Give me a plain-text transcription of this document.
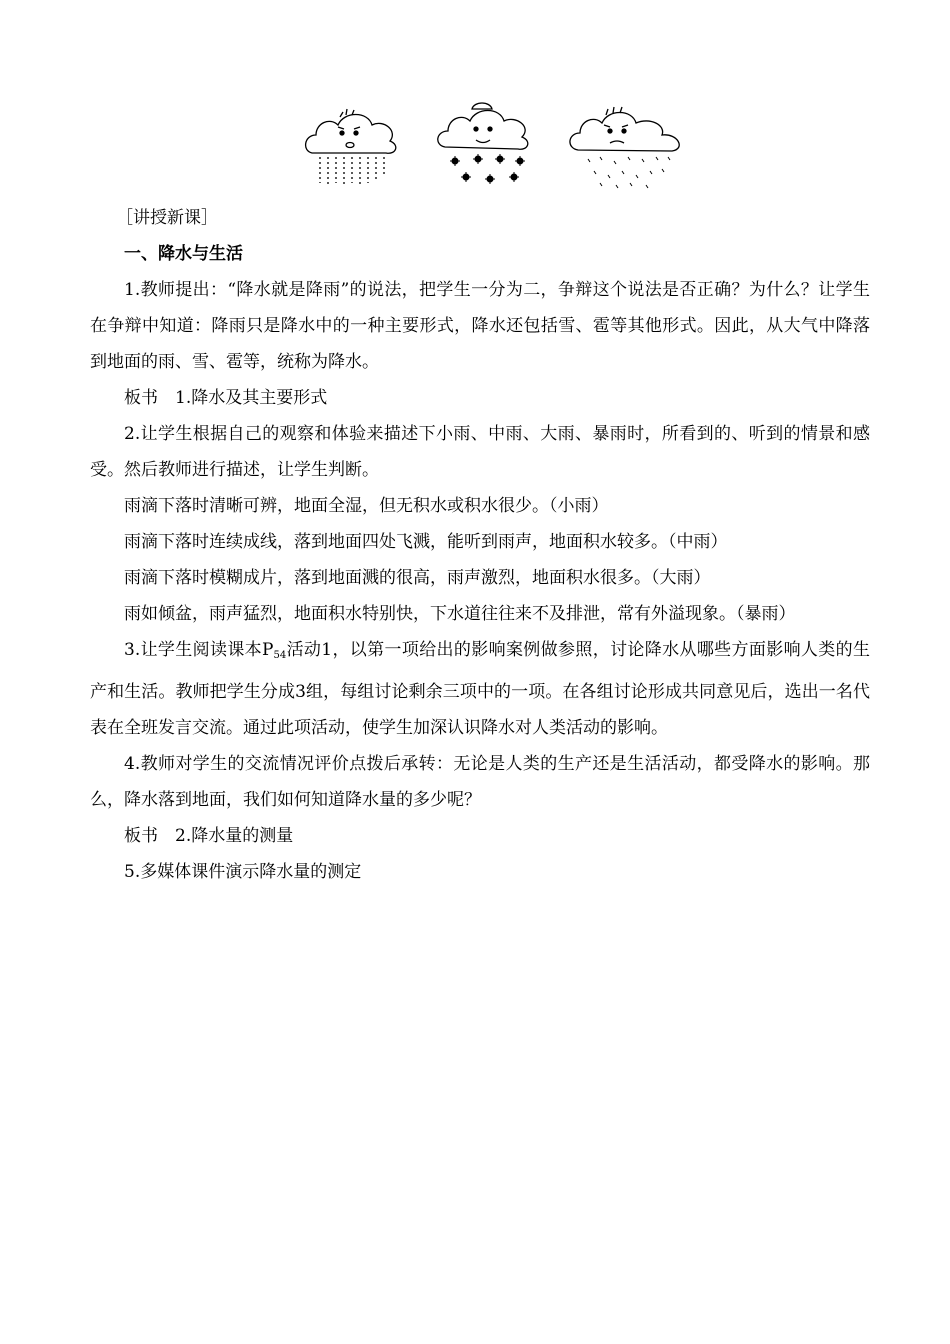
［讲授新课］

一、降水与生活

1.教师提出：“降水就是降雨”的说法，把学生一分为二，争辩这个说法是否正确？为什么？让学生在争辩中知道：降雨只是降水中的一种主要形式，降水还包括雪、雹等其他形式。因此，从大气中降落到地面的雨、雪、雹等，统称为降水。

板书 1.降水及其主要形式

2.让学生根据自己的观察和体验来描述下小雨、中雨、大雨、暴雨时，所看到的、听到的情景和感受。然后教师进行描述，让学生判断。

雨滴下落时清晰可辨，地面全湿，但无积水或积水很少。（小雨）

雨滴下落时连续成线，落到地面四处飞溅，能听到雨声，地面积水较多。（中雨）

雨滴下落时模糊成片，落到地面溅的很高，雨声激烈，地面积水很多。（大雨）

雨如倾盆，雨声猛烈，地面积水特别快，下水道往往来不及排泄，常有外溢现象。（暴雨）

3.让学生阅读课本$P_{54}$活动1，以第一项给出的影响案例做参照，讨论降水从哪些方面影响人类的生产和生活。教师把学生分成3组，每组讨论剩余三项中的一项。在各组讨论形成共同意见后，选出一名代表在全班发言交流。通过此项活动，使学生加深认识降水对人类活动的影响。

4.教师对学生的交流情况评价点拨后承转：无论是人类的生产还是生活活动，都受降水的影响。那么，降水落到地面，我们如何知道降水量的多少呢？

板书 2.降水量的测量

5.多媒体课件演示降水量的测定
